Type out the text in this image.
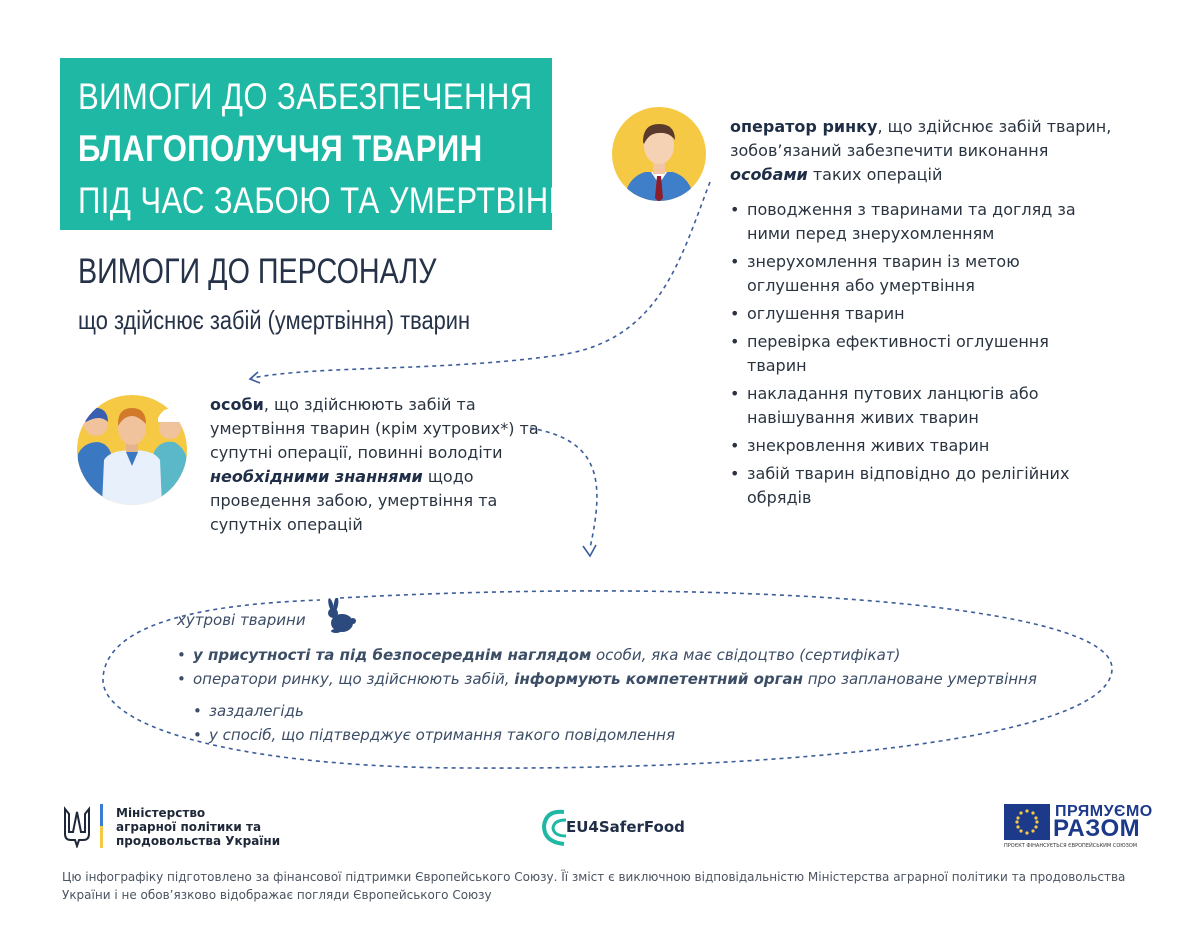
ВИМОГИ ДО ЗАБЕЗПЕЧЕННЯ
БЛАГОПОЛУЧЧЯ ТВАРИН
ПІД ЧАС ЗАБОЮ ТА УМЕРТВІННЯ
ВИМОГИ ДО ПЕРСОНАЛУ
що здійснює забій (умертвіння) тварин
оператор ринку, що здійснює забій тварин, зобов’язаний забезпечити виконання
особами таких операцій
• поводження з тваринами та догляд за ними перед знерухомленням
• знерухомлення тварин із метою оглушення або умертвіння
• оглушення тварин
• перевірка ефективності оглушення тварин
• накладання путових ланцюгів або навішування живих тварин
• знекровлення живих тварин
• забій тварин відповідно до релігійних обрядів
особи, що здійснюють забій та умертвіння тварин (крім хутрових*) та супутні операції, повинні володіти необхідними знаннями щодо проведення забою, умертвіння та супутніх операцій
хутрові тварини
• у присутності та під безпосереднім наглядом особи, яка має свідоцтво (сертифікат)
• оператори ринку, що здійснюють забій, інформують компетентний орган про заплановане умертвіння
• заздалегідь
• у спосіб, що підтверджує отримання такого повідомлення
Міністерство
аграрної політики та
продовольства України
EU4SaferFood
ПРЯМУЄМО
РАЗОМ
ПРОЄКТ ФІНАНСУЄТЬСЯ ЄВРОПЕЙСЬКИМ СОЮЗОМ
Цю інфографіку підготовлено за фінансової підтримки Європейського Союзу. Її зміст є виключною відповідальністю Міністерства аграрної політики та продовольства України і не обов’язково відображає погляди Європейського Союзу
